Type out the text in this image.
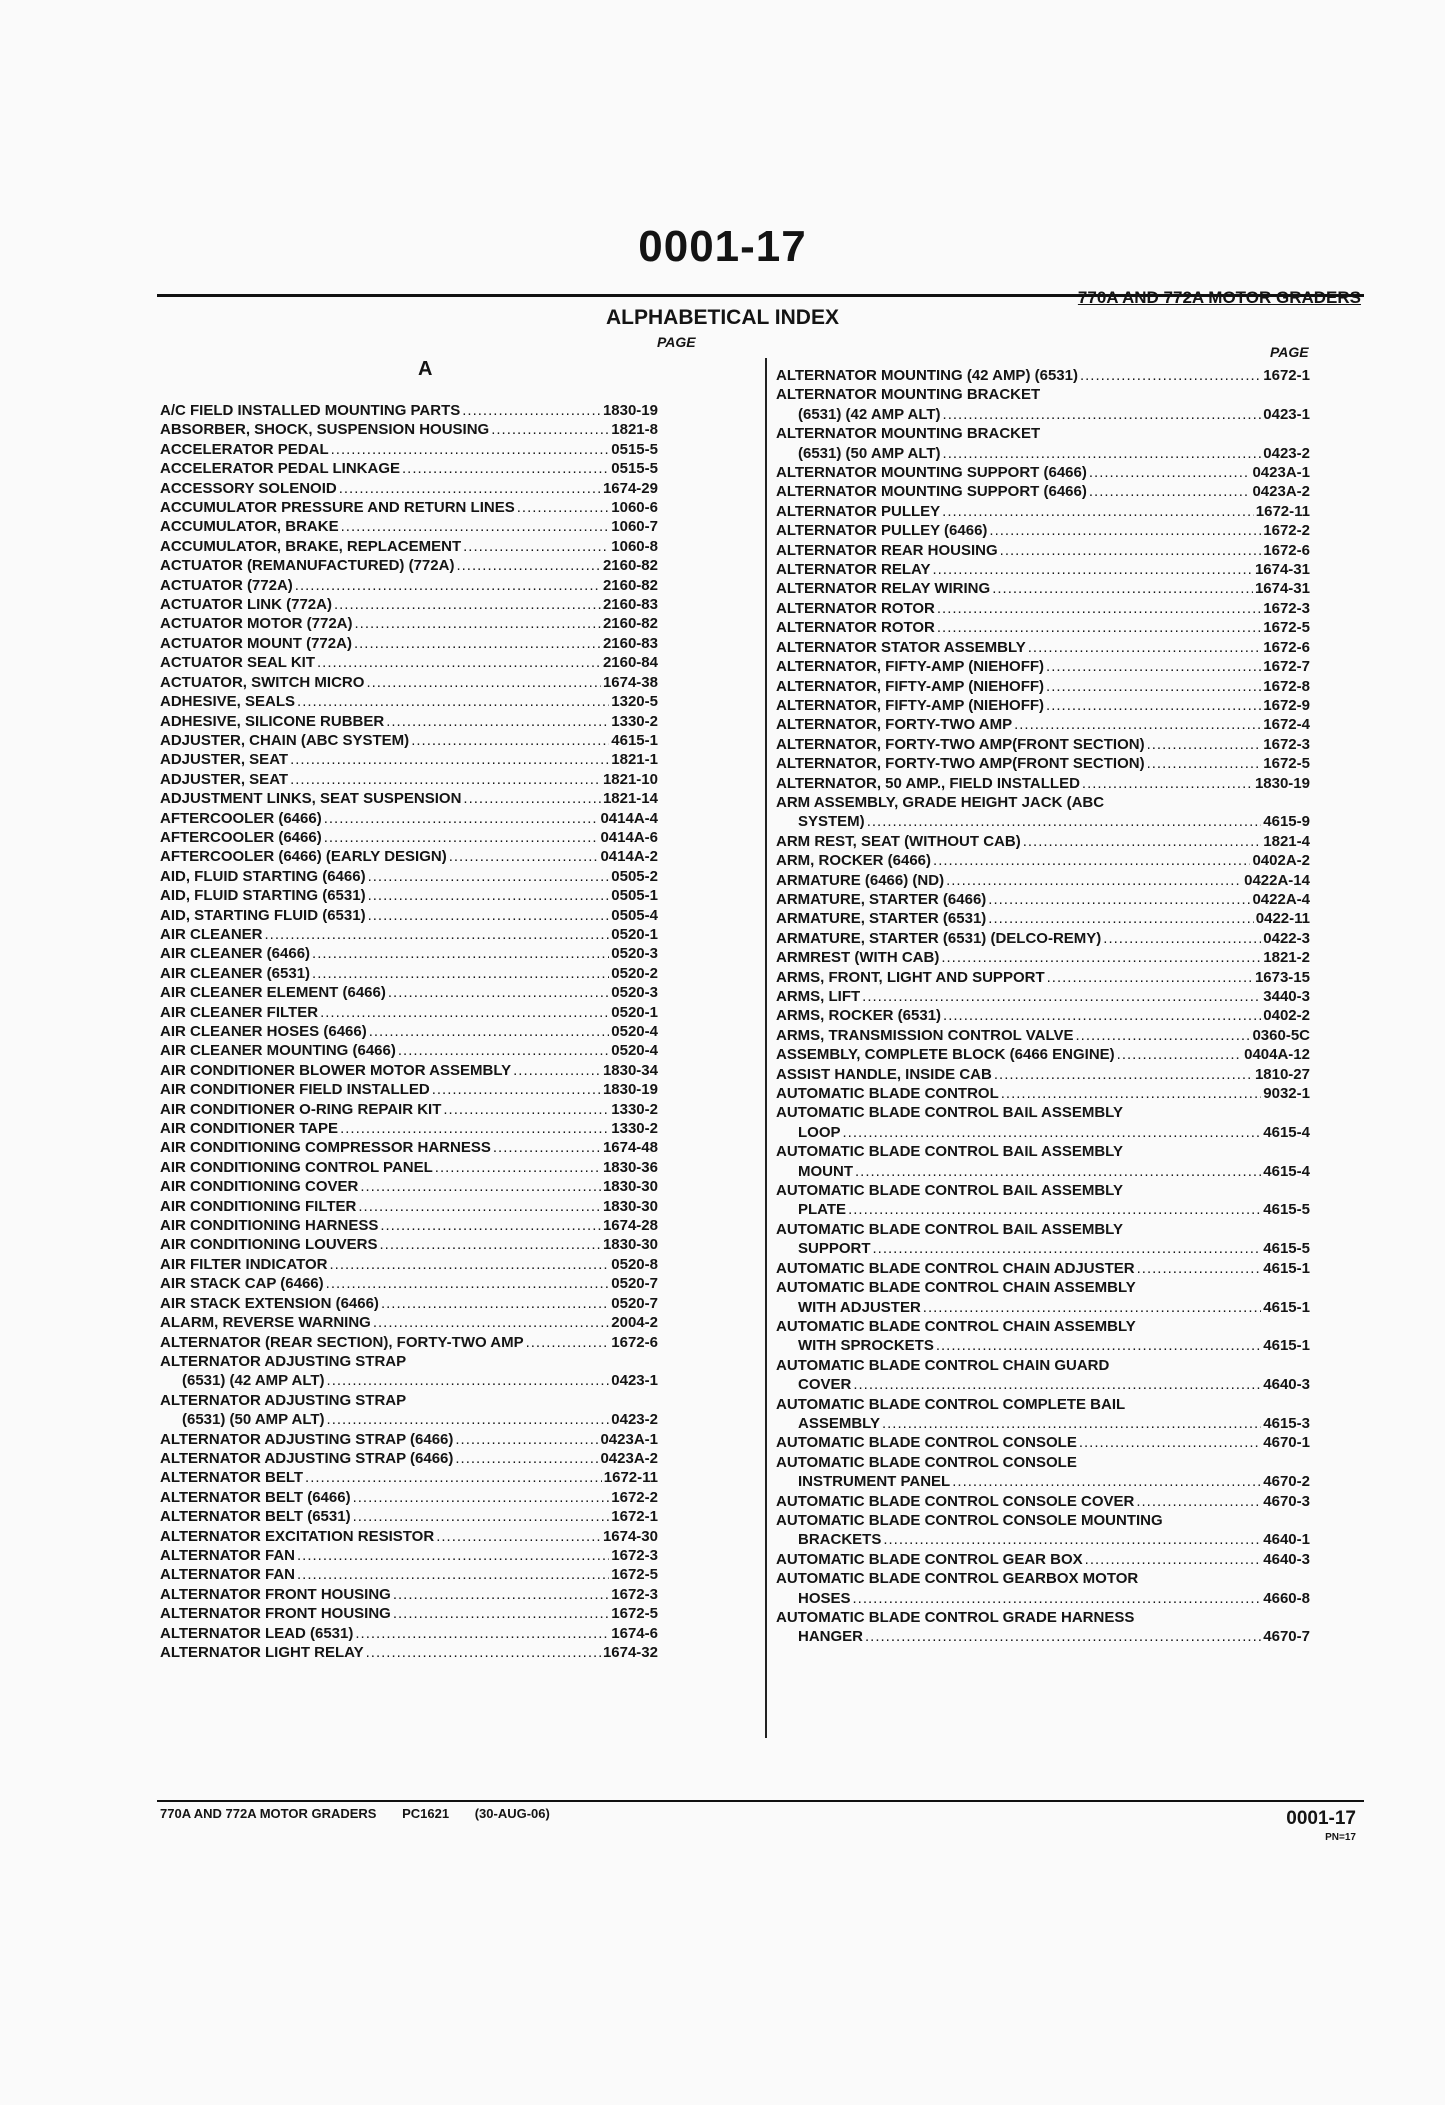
0001-17
770A AND 772A MOTOR GRADERS
ALPHABETICAL INDEX
PAGE
PAGE
A
A/C FIELD INSTALLED MOUNTING PARTS .....	1830-19
ABSORBER, SHOCK, SUSPENSION HOUSING .....	1821-8
ACCELERATOR PEDAL .....	0515-5
ACCELERATOR PEDAL LINKAGE .....	0515-5
ACCESSORY SOLENOID .....	1674-29
ACCUMULATOR PRESSURE AND RETURN LINES .....	1060-6
ACCUMULATOR, BRAKE .....	1060-7
ACCUMULATOR, BRAKE, REPLACEMENT .....	1060-8
ACTUATOR (REMANUFACTURED) (772A) .....	2160-82
ACTUATOR (772A) .....	2160-82
ACTUATOR LINK (772A) .....	2160-83
ACTUATOR MOTOR (772A) .....	2160-82
ACTUATOR MOUNT (772A) .....	2160-83
ACTUATOR SEAL KIT .....	2160-84
ACTUATOR, SWITCH MICRO .....	1674-38
ADHESIVE, SEALS .....	1320-5
ADHESIVE, SILICONE RUBBER .....	1330-2
ADJUSTER, CHAIN (ABC SYSTEM) .....	4615-1
ADJUSTER, SEAT .....	1821-1
ADJUSTER, SEAT .....	1821-10
ADJUSTMENT LINKS, SEAT SUSPENSION .....	1821-14
AFTERCOOLER (6466) .....	0414A-4
AFTERCOOLER (6466) .....	0414A-6
AFTERCOOLER (6466) (EARLY DESIGN) .....	0414A-2
AID, FLUID STARTING (6466) .....	0505-2
AID, FLUID STARTING (6531) .....	0505-1
AID, STARTING FLUID (6531) .....	0505-4
AIR CLEANER .....	0520-1
AIR CLEANER (6466) .....	0520-3
AIR CLEANER (6531) .....	0520-2
AIR CLEANER ELEMENT (6466) .....	0520-3
AIR CLEANER FILTER .....	0520-1
AIR CLEANER HOSES (6466) .....	0520-4
AIR CLEANER MOUNTING (6466) .....	0520-4
AIR CONDITIONER BLOWER MOTOR ASSEMBLY .....	1830-34
AIR CONDITIONER FIELD INSTALLED .....	1830-19
AIR CONDITIONER O-RING REPAIR KIT .....	1330-2
AIR CONDITIONER TAPE .....	1330-2
AIR CONDITIONING COMPRESSOR HARNESS .....	1674-48
AIR CONDITIONING CONTROL PANEL .....	1830-36
AIR CONDITIONING COVER .....	1830-30
AIR CONDITIONING FILTER .....	1830-30
AIR CONDITIONING HARNESS .....	1674-28
AIR CONDITIONING LOUVERS .....	1830-30
AIR FILTER INDICATOR .....	0520-8
AIR STACK CAP (6466) .....	0520-7
AIR STACK EXTENSION (6466) .....	0520-7
ALARM, REVERSE WARNING .....	2004-2
ALTERNATOR (REAR SECTION), FORTY-TWO AMP .....	1672-6
ALTERNATOR ADJUSTING STRAP
(6531) (42 AMP ALT) .....	0423-1
ALTERNATOR ADJUSTING STRAP
(6531) (50 AMP ALT) .....	0423-2
ALTERNATOR ADJUSTING STRAP (6466) .....	0423A-1
ALTERNATOR ADJUSTING STRAP (6466) .....	0423A-2
ALTERNATOR BELT .....	1672-11
ALTERNATOR BELT (6466) .....	1672-2
ALTERNATOR BELT (6531) .....	1672-1
ALTERNATOR EXCITATION RESISTOR .....	1674-30
ALTERNATOR FAN .....	1672-3
ALTERNATOR FAN .....	1672-5
ALTERNATOR FRONT HOUSING .....	1672-3
ALTERNATOR FRONT HOUSING .....	1672-5
ALTERNATOR LEAD (6531) .....	1674-6
ALTERNATOR LIGHT RELAY .....	1674-32
ALTERNATOR MOUNTING (42 AMP) (6531) .....	1672-1
ALTERNATOR MOUNTING BRACKET
(6531) (42 AMP ALT) .....	0423-1
ALTERNATOR MOUNTING BRACKET
(6531) (50 AMP ALT) .....	0423-2
ALTERNATOR MOUNTING SUPPORT (6466) .....	0423A-1
ALTERNATOR MOUNTING SUPPORT (6466) .....	0423A-2
ALTERNATOR PULLEY .....	1672-11
ALTERNATOR PULLEY (6466) .....	1672-2
ALTERNATOR REAR HOUSING .....	1672-6
ALTERNATOR RELAY .....	1674-31
ALTERNATOR RELAY WIRING .....	1674-31
ALTERNATOR ROTOR .....	1672-3
ALTERNATOR ROTOR .....	1672-5
ALTERNATOR STATOR ASSEMBLY .....	1672-6
ALTERNATOR, FIFTY-AMP (NIEHOFF) .....	1672-7
ALTERNATOR, FIFTY-AMP (NIEHOFF) .....	1672-8
ALTERNATOR, FIFTY-AMP (NIEHOFF) .....	1672-9
ALTERNATOR, FORTY-TWO AMP .....	1672-4
ALTERNATOR, FORTY-TWO AMP(FRONT SECTION) .....	1672-3
ALTERNATOR, FORTY-TWO AMP(FRONT SECTION) .....	1672-5
ALTERNATOR, 50 AMP., FIELD INSTALLED .....	1830-19
ARM ASSEMBLY, GRADE HEIGHT JACK (ABC
SYSTEM) .....	4615-9
ARM REST, SEAT (WITHOUT CAB) .....	1821-4
ARM, ROCKER (6466) .....	0402A-2
ARMATURE (6466) (ND) .....	0422A-14
ARMATURE, STARTER (6466) .....	0422A-4
ARMATURE, STARTER (6531) .....	0422-11
ARMATURE, STARTER (6531) (DELCO-REMY) .....	0422-3
ARMREST (WITH CAB) .....	1821-2
ARMS, FRONT, LIGHT AND SUPPORT .....	1673-15
ARMS, LIFT .....	3440-3
ARMS, ROCKER (6531) .....	0402-2
ARMS, TRANSMISSION CONTROL VALVE .....	0360-5C
ASSEMBLY, COMPLETE BLOCK (6466 ENGINE) .....	0404A-12
ASSIST HANDLE, INSIDE CAB .....	1810-27
AUTOMATIC BLADE CONTROL .....	9032-1
AUTOMATIC BLADE CONTROL BAIL ASSEMBLY
LOOP .....	4615-4
AUTOMATIC BLADE CONTROL BAIL ASSEMBLY
MOUNT .....	4615-4
AUTOMATIC BLADE CONTROL BAIL ASSEMBLY
PLATE .....	4615-5
AUTOMATIC BLADE CONTROL BAIL ASSEMBLY
SUPPORT .....	4615-5
AUTOMATIC BLADE CONTROL CHAIN ADJUSTER .....	4615-1
AUTOMATIC BLADE CONTROL CHAIN ASSEMBLY
WITH ADJUSTER .....	4615-1
AUTOMATIC BLADE CONTROL CHAIN ASSEMBLY
WITH SPROCKETS .....	4615-1
AUTOMATIC BLADE CONTROL CHAIN GUARD
COVER .....	4640-3
AUTOMATIC BLADE CONTROL COMPLETE BAIL
ASSEMBLY .....	4615-3
AUTOMATIC BLADE CONTROL CONSOLE .....	4670-1
AUTOMATIC BLADE CONTROL CONSOLE
INSTRUMENT PANEL .....	4670-2
AUTOMATIC BLADE CONTROL CONSOLE COVER .....	4670-3
AUTOMATIC BLADE CONTROL CONSOLE MOUNTING
BRACKETS .....	4640-1
AUTOMATIC BLADE CONTROL GEAR BOX .....	4640-3
AUTOMATIC BLADE CONTROL GEARBOX MOTOR
HOSES .....	4660-8
AUTOMATIC BLADE CONTROL GRADE HARNESS
HANGER .....	4670-7
770A AND 772A MOTOR GRADERS PC1621 (30-AUG-06)	0001-17
PN=17
